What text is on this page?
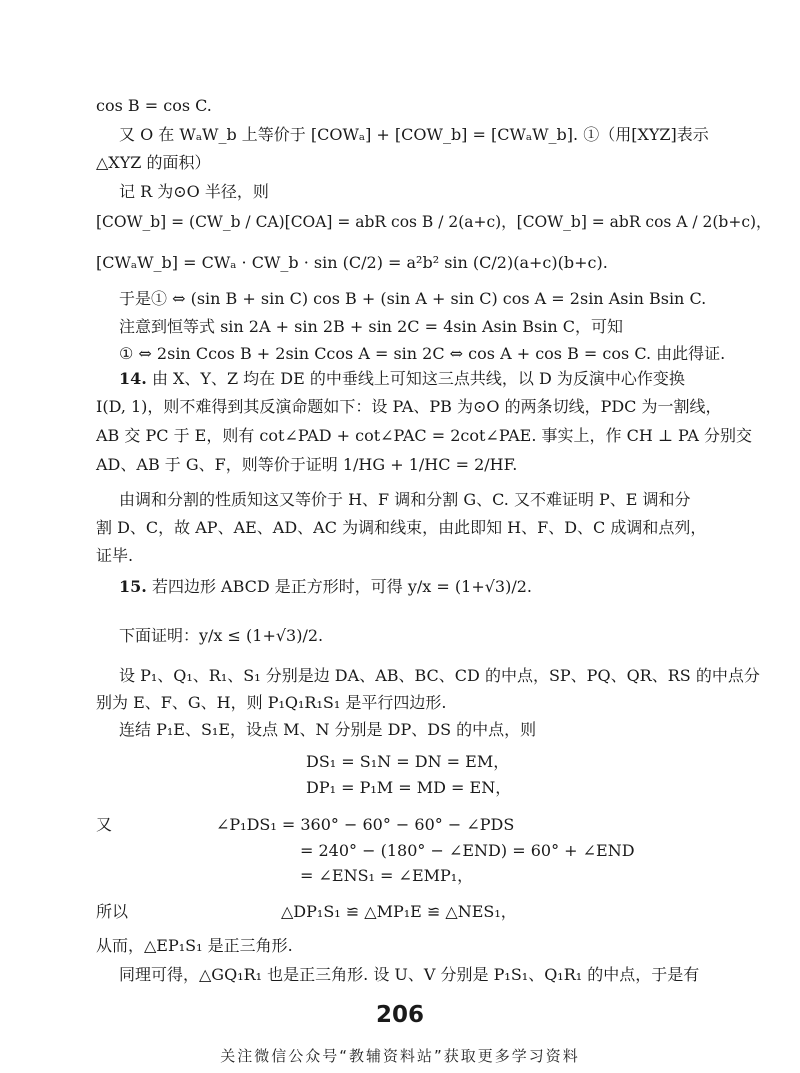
cos B = cos C.
又 O 在 WₐW_b 上等价于 [COWₐ] + [COW_b] = [CWₐW_b]. ①（用[XYZ]表示
△XYZ 的面积）
记 R 为⊙O 半径，则
[COW_b] = (CW_b / CA)[COA] = abR cos B / 2(a+c)，[COW_b] = abR cos A / 2(b+c)，
[CWₐW_b] = CWₐ · CW_b · sin (C/2) = a²b² sin (C/2)(a+c)(b+c).
于是① ⇔ (sin B + sin C) cos B + (sin A + sin C) cos A = 2sin Asin Bsin C.
注意到恒等式 sin 2A + sin 2B + sin 2C = 4sin Asin Bsin C，可知
① ⇔ 2sin Ccos B + 2sin Ccos A = sin 2C ⇔ cos A + cos B = cos C. 由此得证.
14. 由 X、Y、Z 均在 DE 的中垂线上可知这三点共线，以 D 为反演中心作变换
I(D, 1)，则不难得到其反演命题如下：设 PA、PB 为⊙O 的两条切线，PDC 为一割线，
AB 交 PC 于 E，则有 cot∠PAD + cot∠PAC = 2cot∠PAE. 事实上，作 CH ⊥ PA 分别交
AD、AB 于 G、F，则等价于证明 1/HG + 1/HC = 2/HF.
由调和分割的性质知这又等价于 H、F 调和分割 G、C. 又不难证明 P、E 调和分
割 D、C，故 AP、AE、AD、AC 为调和线束，由此即知 H、F、D、C 成调和点列，
证毕.
15. 若四边形 ABCD 是正方形时，可得 y/x = (1+√3)/2.
下面证明：y/x ≤ (1+√3)/2.
设 P₁、Q₁、R₁、S₁ 分别是边 DA、AB、BC、CD 的中点，SP、PQ、QR、RS 的中点分
别为 E、F、G、H，则 P₁Q₁R₁S₁ 是平行四边形.
连结 P₁E、S₁E，设点 M、N 分别是 DP、DS 的中点，则
DS₁ = S₁N = DN = EM，
DP₁ = P₁M = MD = EN，
又	∠P₁DS₁ = 360° − 60° − 60° − ∠PDS
= 240° − (180° − ∠END) = 60° + ∠END
= ∠ENS₁ = ∠EMP₁，
所以	△DP₁S₁ ≌ △MP₁E ≌ △NES₁，
从而，△EP₁S₁ 是正三角形.
同理可得，△GQ₁R₁ 也是正三角形. 设 U、V 分别是 P₁S₁、Q₁R₁ 的中点，于是有
206
关注微信公众号“教辅资料站”获取更多学习资料
